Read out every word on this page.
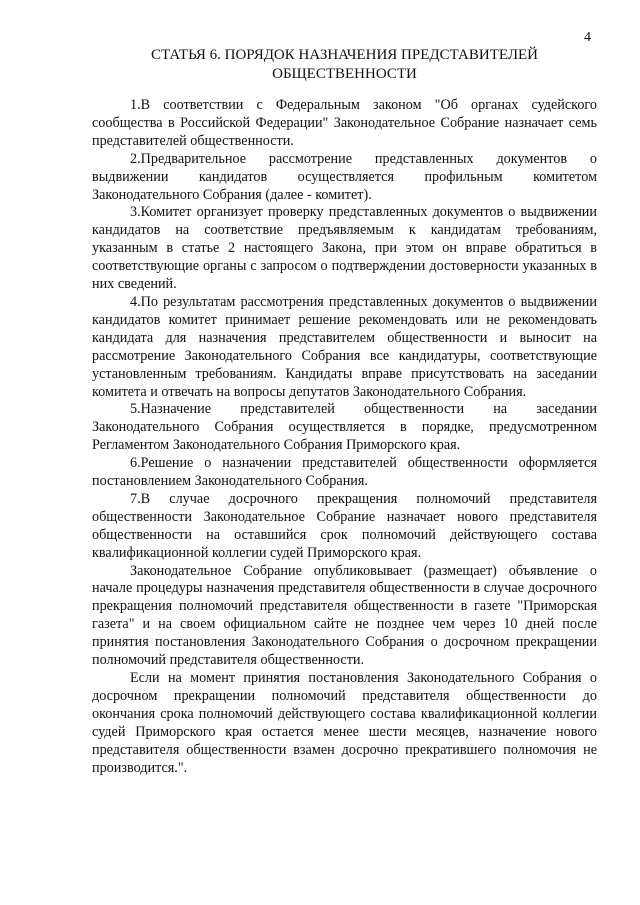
4
СТАТЬЯ 6. ПОРЯДОК НАЗНАЧЕНИЯ ПРЕДСТАВИТЕЛЕЙ
ОБЩЕСТВЕННОСТИ

1.В соответствии с Федеральным законом "Об органах судейского сообщества в Российской Федерации" Законодательное Собрание назначает семь представителей общественности.

2.Предварительное рассмотрение представленных документов о выдвижении кандидатов осуществляется профильным комитетом Законодательного Собрания (далее - комитет).

3.Комитет организует проверку представленных документов о выдвижении кандидатов на соответствие предъявляемым к кандидатам требованиям, указанным в статье 2 настоящего Закона, при этом он вправе обратиться в соответствующие органы с запросом о подтверждении достоверности указанных в них сведений.

4.По результатам рассмотрения представленных документов о выдвижении кандидатов комитет принимает решение рекомендовать или не рекомендовать кандидата для назначения представителем общественности и выносит на рассмотрение Законодательного Собрания все кандидатуры, соответствующие установленным требованиям. Кандидаты вправе присутствовать на заседании комитета и отвечать на вопросы депутатов Законодательного Собрания.

5.Назначение представителей общественности на заседании Законодательного Собрания осуществляется в порядке, предусмотренном Регламентом Законодательного Собрания Приморского края.

6.Решение о назначении представителей общественности оформляется постановлением Законодательного Собрания.

7.В случае досрочного прекращения полномочий представителя общественности Законодательное Собрание назначает нового представителя общественности на оставшийся срок полномочий действующего состава квалификационной коллегии судей Приморского края.

Законодательное Собрание опубликовывает (размещает) объявление о начале процедуры назначения представителя общественности в случае досрочного прекращения полномочий представителя общественности в газете "Приморская газета" и на своем официальном сайте не позднее чем через 10 дней после принятия постановления Законодательного Собрания о досрочном прекращении полномочий представителя общественности.

Если на момент принятия постановления Законодательного Собрания о досрочном прекращении полномочий представителя общественности до окончания срока полномочий действующего состава квалификационной коллегии судей Приморского края остается менее шести месяцев, назначение нового представителя общественности взамен досрочно прекратившего полномочия не производится.".
